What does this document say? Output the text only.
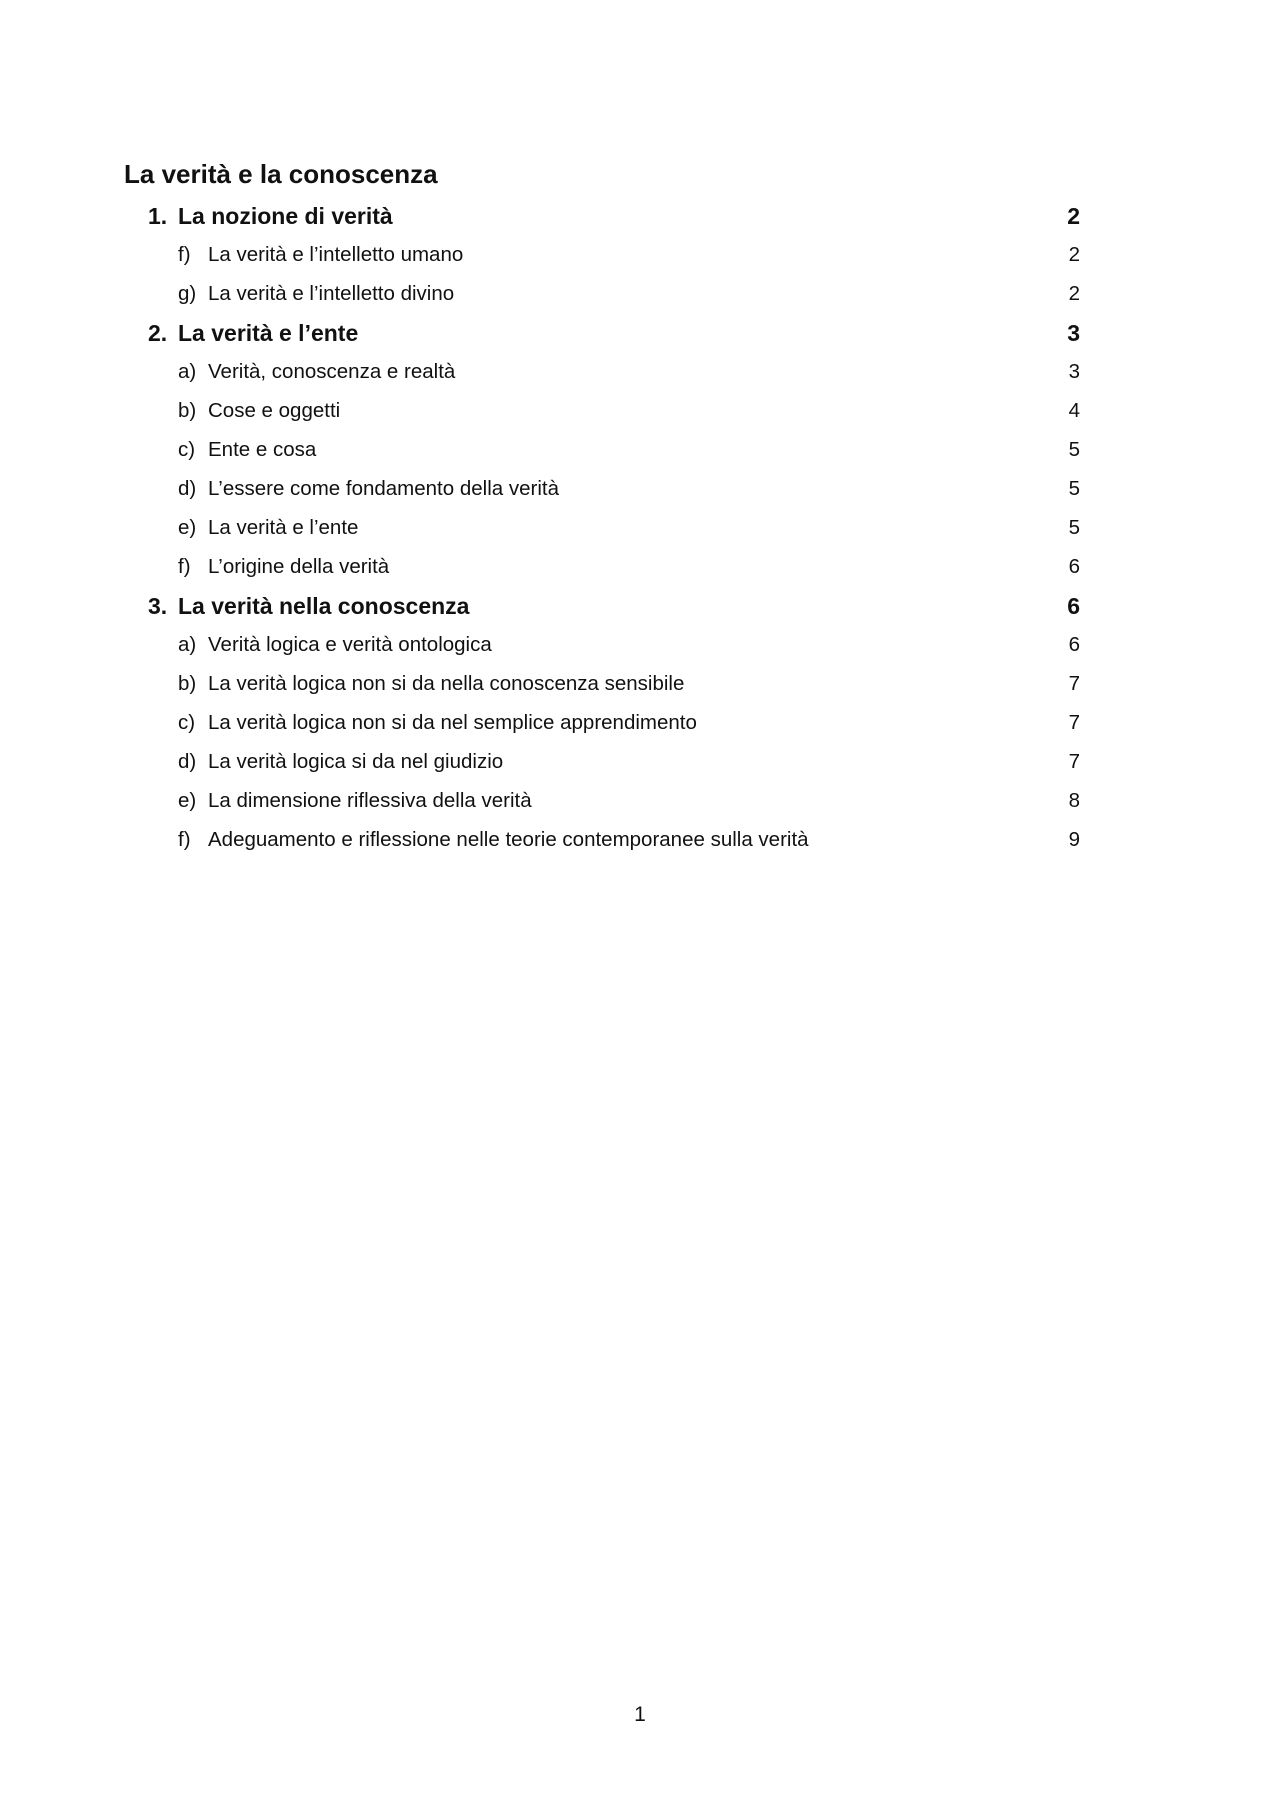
La verità e la conoscenza
1. La nozione di verità	2
f) La verità e l’intelletto umano	2
g) La verità e l’intelletto divino	2
2. La verità e l’ente	3
a) Verità, conoscenza e realtà	3
b) Cose e oggetti	4
c) Ente e cosa	5
d) L’essere come fondamento della verità	5
e) La verità e l’ente	5
f) L’origine della verità	6
3. La verità nella conoscenza	6
a) Verità logica e verità ontologica	6
b) La verità logica non si da nella conoscenza sensibile	7
c) La verità logica non si da nel semplice apprendimento	7
d) La verità logica si da nel giudizio	7
e) La dimensione riflessiva della verità	8
f) Adeguamento e riflessione nelle teorie contemporanee sulla verità	9
1
